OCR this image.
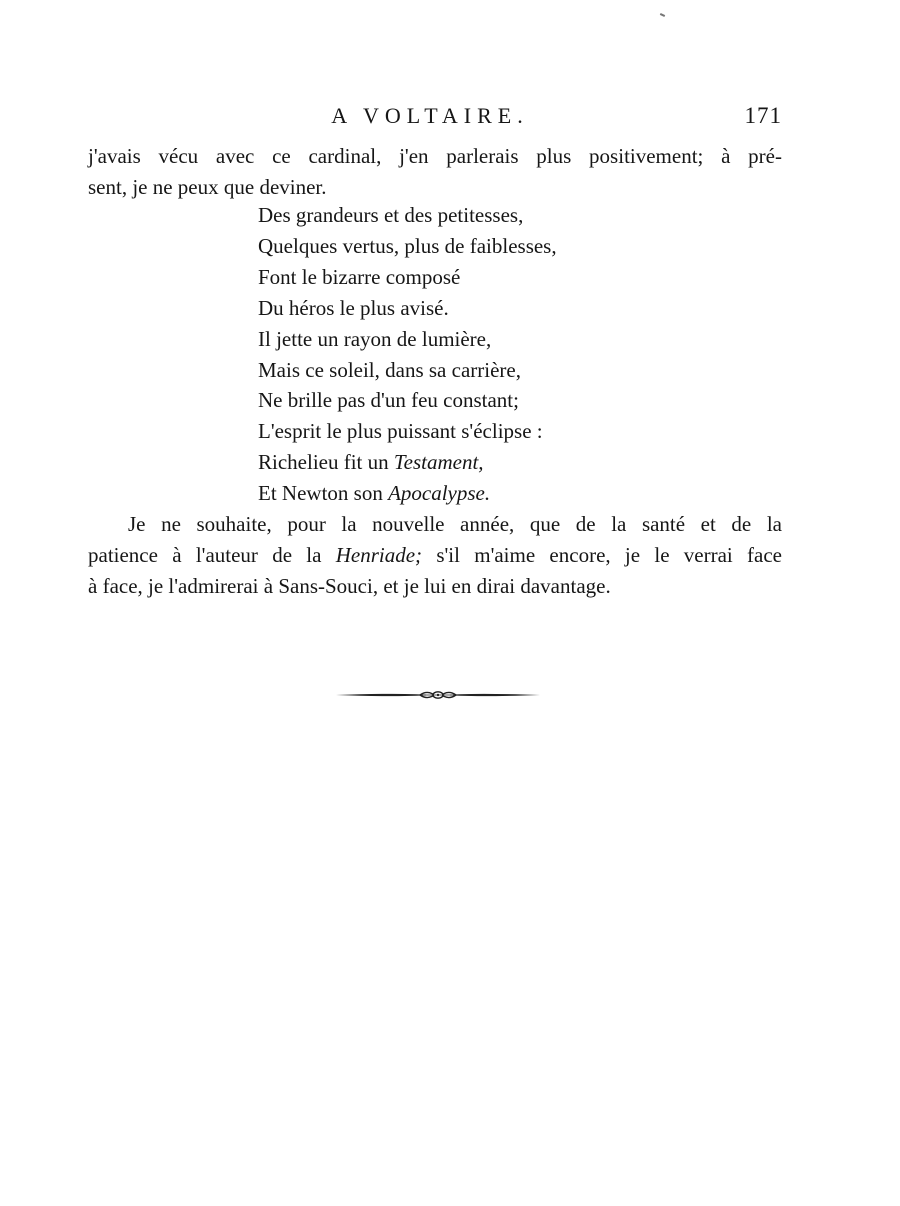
A VOLTAIRE.	171
j'avais vécu avec ce cardinal, j'en parlerais plus positivement; à pré-
sent, je ne peux que deviner.
Des grandeurs et des petitesses,
Quelques vertus, plus de faiblesses,
Font le bizarre composé
Du héros le plus avisé.
Il jette un rayon de lumière,
Mais ce soleil, dans sa carrière,
Ne brille pas d'un feu constant;
L'esprit le plus puissant s'éclipse :
Richelieu fit un Testament,
Et Newton son Apocalypse.
Je ne souhaite, pour la nouvelle année, que de la santé et de la
patience à l'auteur de la Henriade; s'il m'aime encore, je le verrai face
à face, je l'admirerai à Sans-Souci, et je lui en dirai davantage.
